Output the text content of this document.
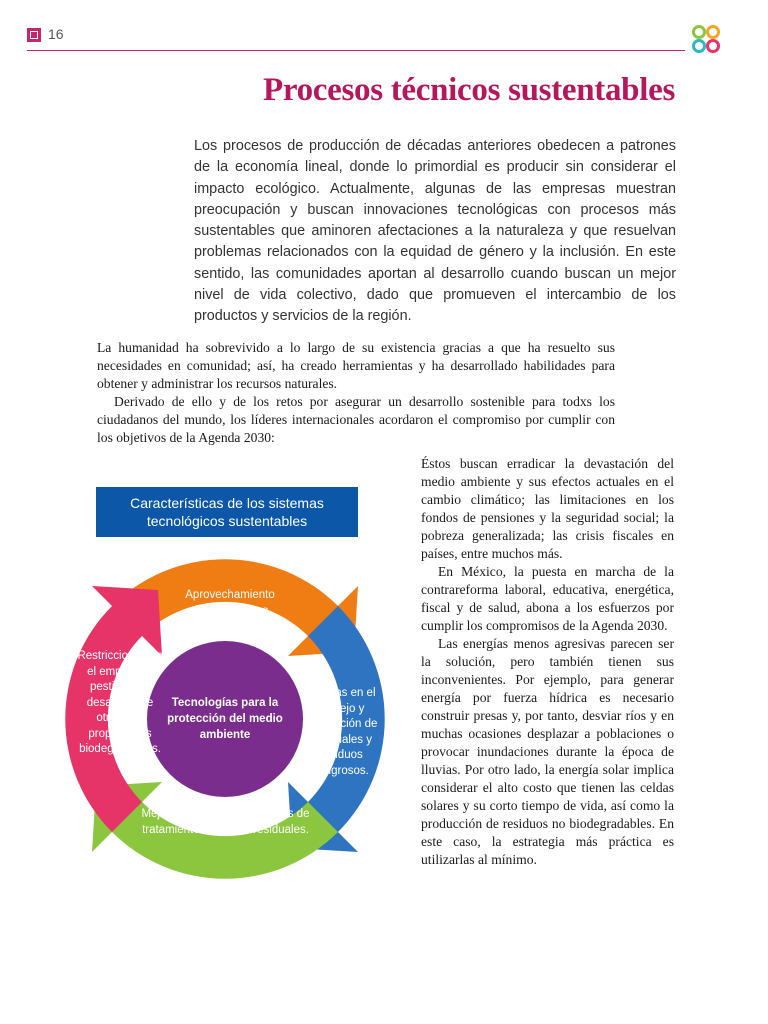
16
Procesos técnicos sustentables

Los procesos de producción de décadas anteriores obedecen a patrones de la economía lineal, donde lo primordial es producir sin considerar el impacto ecológico. Actualmente, algunas de las empresas muestran preocupación y buscan innovaciones tecnológicas con procesos más sustentables que aminoren afectaciones a la naturaleza y que resuelvan problemas relacionados con la equidad de género y la inclusión. En este sentido, las comunidades aportan al desarrollo cuando buscan un mejor nivel de vida colectivo, dado que promueven el intercambio de los productos y servicios de la región.

La humanidad ha sobrevivido a lo largo de su existencia gracias a que ha resuelto sus necesidades en comunidad; así, ha creado herramientas y ha desarrollado habilidades para obtener y administrar los recursos naturales.

Derivado de ello y de los retos por asegurar un desarrollo sostenible para todxs los ciudadanos del mundo, los líderes internacionales acordaron el compromiso por cumplir con los objetivos de la Agenda 2030:

Características de los sistemas tecnológicos sustentables

Tecnologías para la protección del medio ambiente

Aprovechamiento de energías no contaminantes.

Mejoras en el manejo y disposición de materiales y residuos peligrosos.

Mejoramiento de los sistemas de tratamiento de aguas residuales.

Restricciones en el empleo de pesticidas y desarrollo de otros con propiedades biodegradables.

Éstos buscan erradicar la devastación del medio ambiente y sus efectos actuales en el cambio climático; las limitaciones en los fondos de pensiones y la seguridad social; la pobreza generalizada; las crisis fiscales en países, entre muchos más.

En México, la puesta en marcha de la contrareforma laboral, educativa, energética, fiscal y de salud, abona a los esfuerzos por cumplir los compromisos de la Agenda 2030.

Las energías menos agresivas parecen ser la solución, pero también tienen sus inconvenientes. Por ejemplo, para generar energía por fuerza hídrica es necesario construir presas y, por tanto, desviar ríos y en muchas ocasiones desplazar a poblaciones o provocar inundaciones durante la época de lluvias. Por otro lado, la energía solar implica considerar el alto costo que tienen las celdas solares y su corto tiempo de vida, así como la producción de residuos no biodegradables. En este caso, la estrategia más práctica es utilizarlas al mínimo.
